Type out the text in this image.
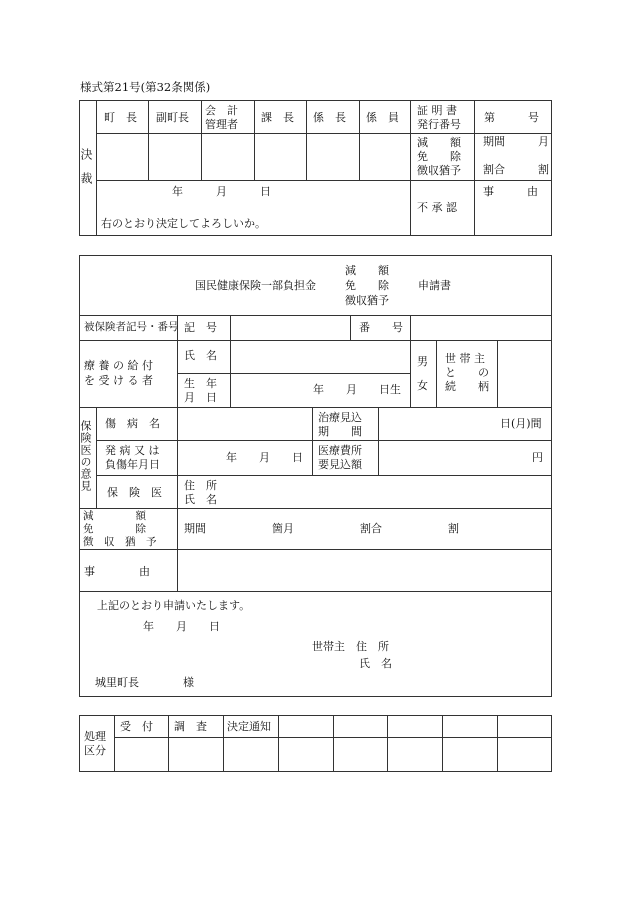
様式第21号(第32条関係)
決裁
町　長 副町長
会　計
管理者
課　長 係　長 係　員
年　　　月　　　日
右のとおり決定してよろしいか。
証 明 書
発行番号
第　　　号
減　　額
免　　除
徴収猶予
期間　　　月
割合　　　割
不 承 認
事　　　由
国民健康保険一部負担金
減　　額
免　　除
徴収猶予
申請書
被保険者記号・番号 記　号	番　　号
療 養 の 給 付
を 受 け る 者
氏　名
生　年
月　日
年　　月　　日生
男

女
世 帯 主
と　　の
続　　柄
保険医の意見 傷　病　名	治療見込
期　　間
日(月)間
発 病 又 は
負傷年月日
年　　月　　日
医療費所
要見込額
円
保　険　医
住　所
氏　名
減　　　　額
免　　　　除
徴　収　猶　予
期間　　　　　　箇月　　　　　　割合　　　　　　割
事　　　　由
上記のとおり申請いたします。
年　　月　　日
世帯主　住　所
氏　名
城里町長　　　　様
処理
区分
受　付 調　査 決定通知
